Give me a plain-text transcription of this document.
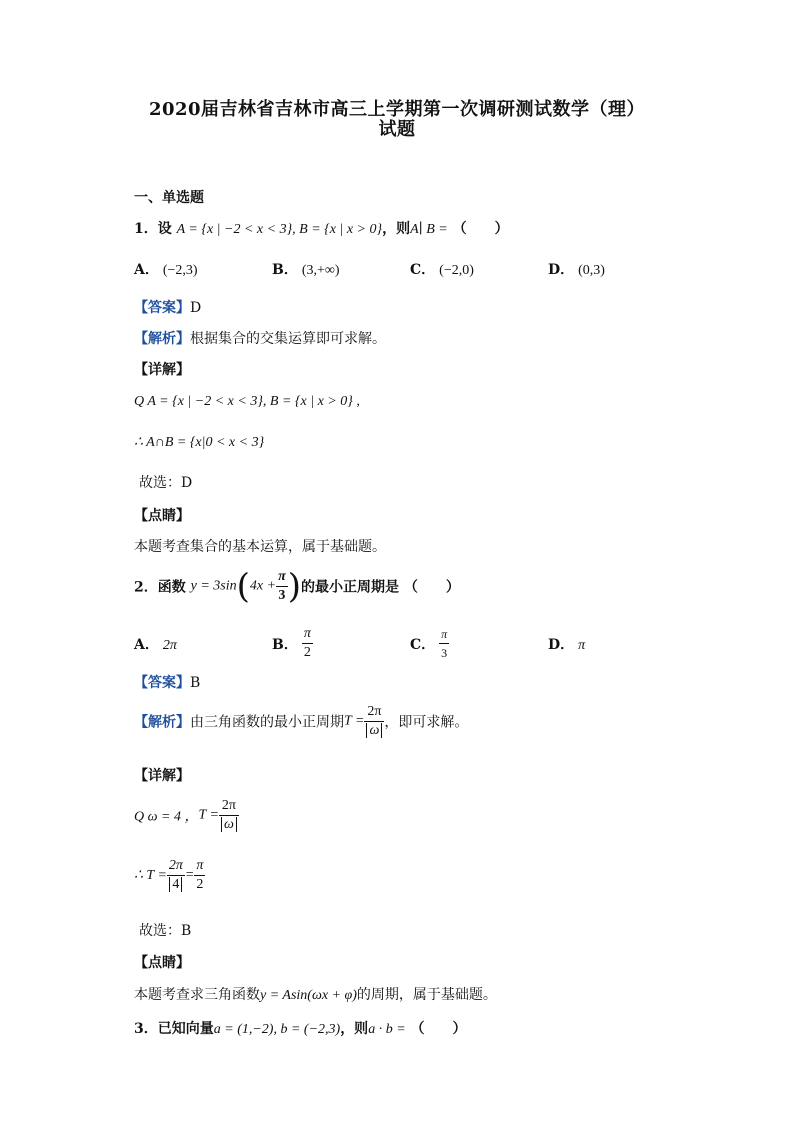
2020届吉林省吉林市高三上学期第一次调研测试数学（理）
试题
一、单选题
1．设 A = {x | −2 < x < 3}, B = {x | x > 0}，则A∣ B = （　　）
A． (−2,3)	B． (3,+∞)	C． (−2,0)	D． (0,3)
【答案】D
【解析】根据集合的交集运算即可求解。
【详解】
Q A = {x | −2 < x < 3}, B = {x | x > 0} ,
∴ A∩B = {x|0 < x < 3}
故选：D
【点睛】
本题考查集合的基本运算，属于基础题。
2．函数 $y = 3\sin(4x + \frac{\pi}{3}$ )的最小正周期是 （　　）
A． 2π	B． $\frac{\pi}{2}$	C． $\frac{\pi}{3}$	D． π
【答案】B
【解析】由三角函数的最小正周期$T = \frac{2\pi}{\omega}$ ，即可求解。
【详解】
Q ω = 4 ，$T = \frac{2\pi}{\omega}$
∴ $T = \frac{2\pi}{4} = \frac{\pi}{2}$
故选：B
【点睛】
本题考查求三角函数y = Asin(ωx + φ)的周期，属于基础题。
3．已知向量a = (1,−2), b = (−2,3)，则a · b = （　　）
